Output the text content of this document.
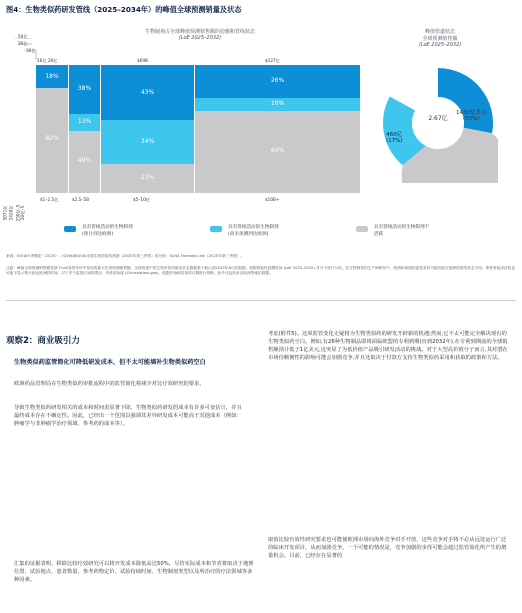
图4：生物类似药研发管线（2025–2034年）的峰值全球预测销量及状态
生物制剂占全球峰值预测销售额的份额和管线状态
(LoE 2025–2032)
50亿
20亿
30亿
26亿 26亿	$69B	$127亿
18%
82%
38%
13%
49%
43%
34%
23%
26%
10%
64%
5071亿 2420亿 250亿–5 20亿–5
$1–2.5亿	$2.5–5B	$5–10亿	$10B+
峰值管道状态
全球预测销售额
(LoE 2025–2032)
2.67亿
$72亿
(28%)
460亿
(17%)
1430亿美元
(55%)
具有管线活动的生物制剂
(预计到达欧洲)
具有管线活动的生物制剂
(尚未预测到达欧洲)
具有管线活动的生物制剂不
活跃
来源：IQVIA专利情报（2025）；IQVIA和IQVIA全球生物类似药预测（2025年第三季度）的分析；IQVIA Forecast Link（2025年第三季度）。
注意：峰值全球预测销售额是基于LoE前的年份中发现的最大年度预测销售额。全球管道中的生物类似药研发状态数据基于截止到2025年8月的数据，根据排他性到期时间 (LoE 2025–2032) 对分子进行分类。在生物制剂的生产和研发中，欧洲和美国的监管差异可能导致在欧洲的管线状态不同。即使有临床试验也可能不显示预计到达欧洲的时间。对于多个监管区域的情况，具体请参阅 (Clinicaltrials.gov)，根据开始和结束的日期进行判断，此外还包括来自欧洲等地的数据。
观察2：商业吸引力
生物类似药监管简化可降低研发成本，但不太可能填补生物类似药空白
欧洲药品管理局在生物类似药审批流程中的监管简化将减少对比疗效研究的要求，
导致生物类似药研发相关的成本和时间表显著下降。生物类似药研发的成本有许多可变估计，并且最终成本存在不确定性。因此，已经出一个范围以强调其差异研发成本可能高于其他成本（例如：肿瘤学与非肿瘤学治疗领域、参考药的成本等）。
汇集的证据表明，移除比较疗效研究可以将开发成本降低高达50%，尽管实际成本和节省将取决于地理位置、试验地点、患者数量、参考药物定价、试验持续时间、生物制剂类型以及所治疗的疗法领域等多种因素。
考虑(附件5)。这项监管变化无疑将为生物类似药的研发开辟新的机遇;然而,它不太可能完全解决现有的生物类似药空白。例如,有26种生物制品即将面临欧盟的专利到期(直到2032年),在专利到期前的全球销售额预计低于1亿美元,这突显了为低价值产品吸引研发活动的挑战。对于大型高价值分子而言,其对潜在市场份额便性的影响可能会加剧竞争,并且还取决于付款方支持生物类似药采用和获取的政策和方法。
取消比较有效性研究要求也可能使欧洲市场向海外竞争对手开放，这些竞争对手将不必从远处运行广泛的临床开发项目，从而加剧竞争。一个可能的情况是，竞争加剧的步伐可能会超过监管简化所产生的增量机会。目前，已经存在显著的
